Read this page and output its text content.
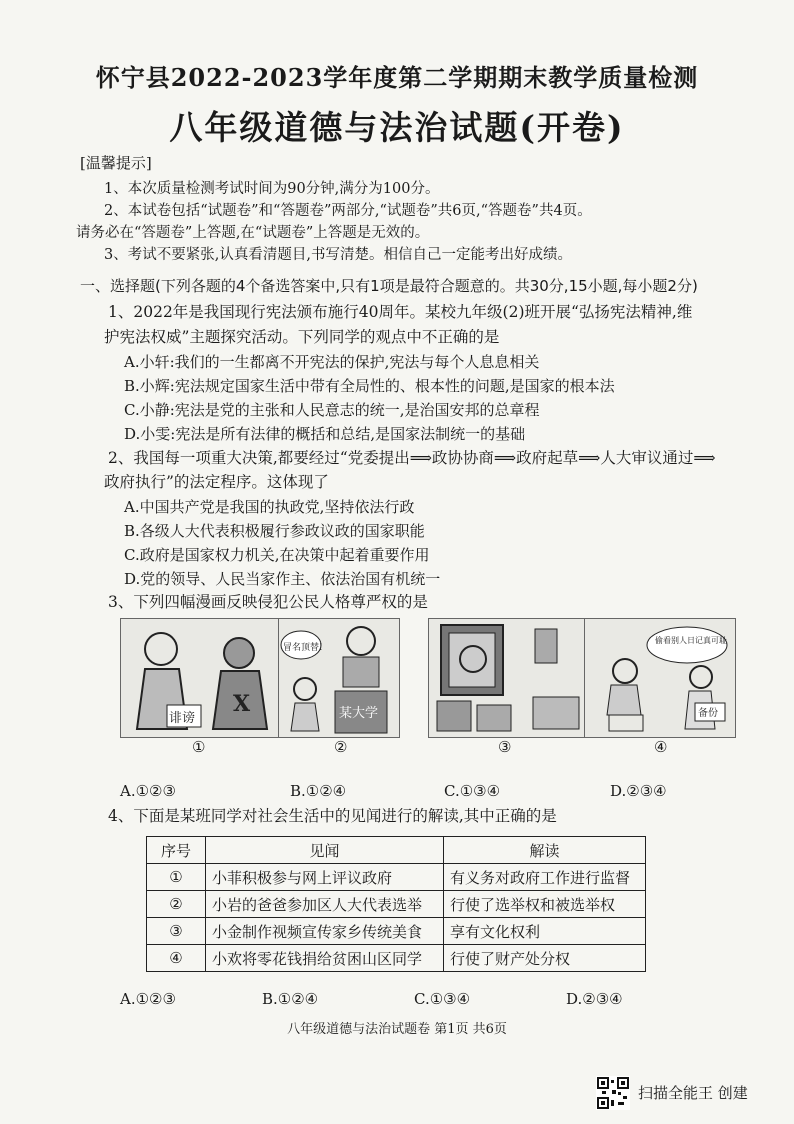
怀宁县2022-2023学年度第二学期期末教学质量检测
八年级道德与法治试题(开卷)
[温馨提示]
1、本次质量检测考试时间为90分钟,满分为100分。
2、本试卷包括“试题卷”和“答题卷”两部分,“试题卷”共6页,“答题卷”共4页。
请务必在“答题卷”上答题,在“试题卷”上答题是无效的。
3、考试不要紧张,认真看清题目,书写清楚。相信自己一定能考出好成绩。
一、选择题(下列各题的4个备选答案中,只有1项是最符合题意的。共30分,15小题,每小题2分)
1、2022年是我国现行宪法颁布施行40周年。某校九年级(2)班开展“弘扬宪法精神,维
护宪法权威”主题探究活动。下列同学的观点中不正确的是
A.小轩:我们的一生都离不开宪法的保护,宪法与每个人息息相关
B.小辉:宪法规定国家生活中带有全局性的、根本性的问题,是国家的根本法
C.小静:宪法是党的主张和人民意志的统一,是治国安邦的总章程
D.小雯:宪法是所有法律的概括和总结,是国家法制统一的基础
2、我国每一项重大决策,都要经过“党委提出⟹政协协商⟹政府起草⟹人大审议通过⟹
政府执行”的法定程序。这体现了
A.中国共产党是我国的执政党,坚持依法行政
B.各级人大代表积极履行参政议政的国家职能
C.政府是国家权力机关,在决策中起着重要作用
D.党的领导、人民当家作主、依法治国有机统一
3、下列四幅漫画反映侵犯公民人格尊严权的是
X
诽谤
冒名顶替!
某大学
偷看别人日记真可耻
备份
①	②	③	④
A.①②③	B.①②④	C.①③④	D.②③④
4、下面是某班同学对社会生活中的见闻进行的解读,其中正确的是
序号	见闻	解读
①	小菲积极参与网上评议政府	有义务对政府工作进行监督
②	小岩的爸爸参加区人大代表选举	行使了选举权和被选举权
③	小金制作视频宣传家乡传统美食	享有文化权利
④	小欢将零花钱捐给贫困山区同学	行使了财产处分权
A.①②③	B.①②④	C.①③④	D.②③④
八年级道德与法治试题卷 第1页 共6页
扫描全能王 创建
